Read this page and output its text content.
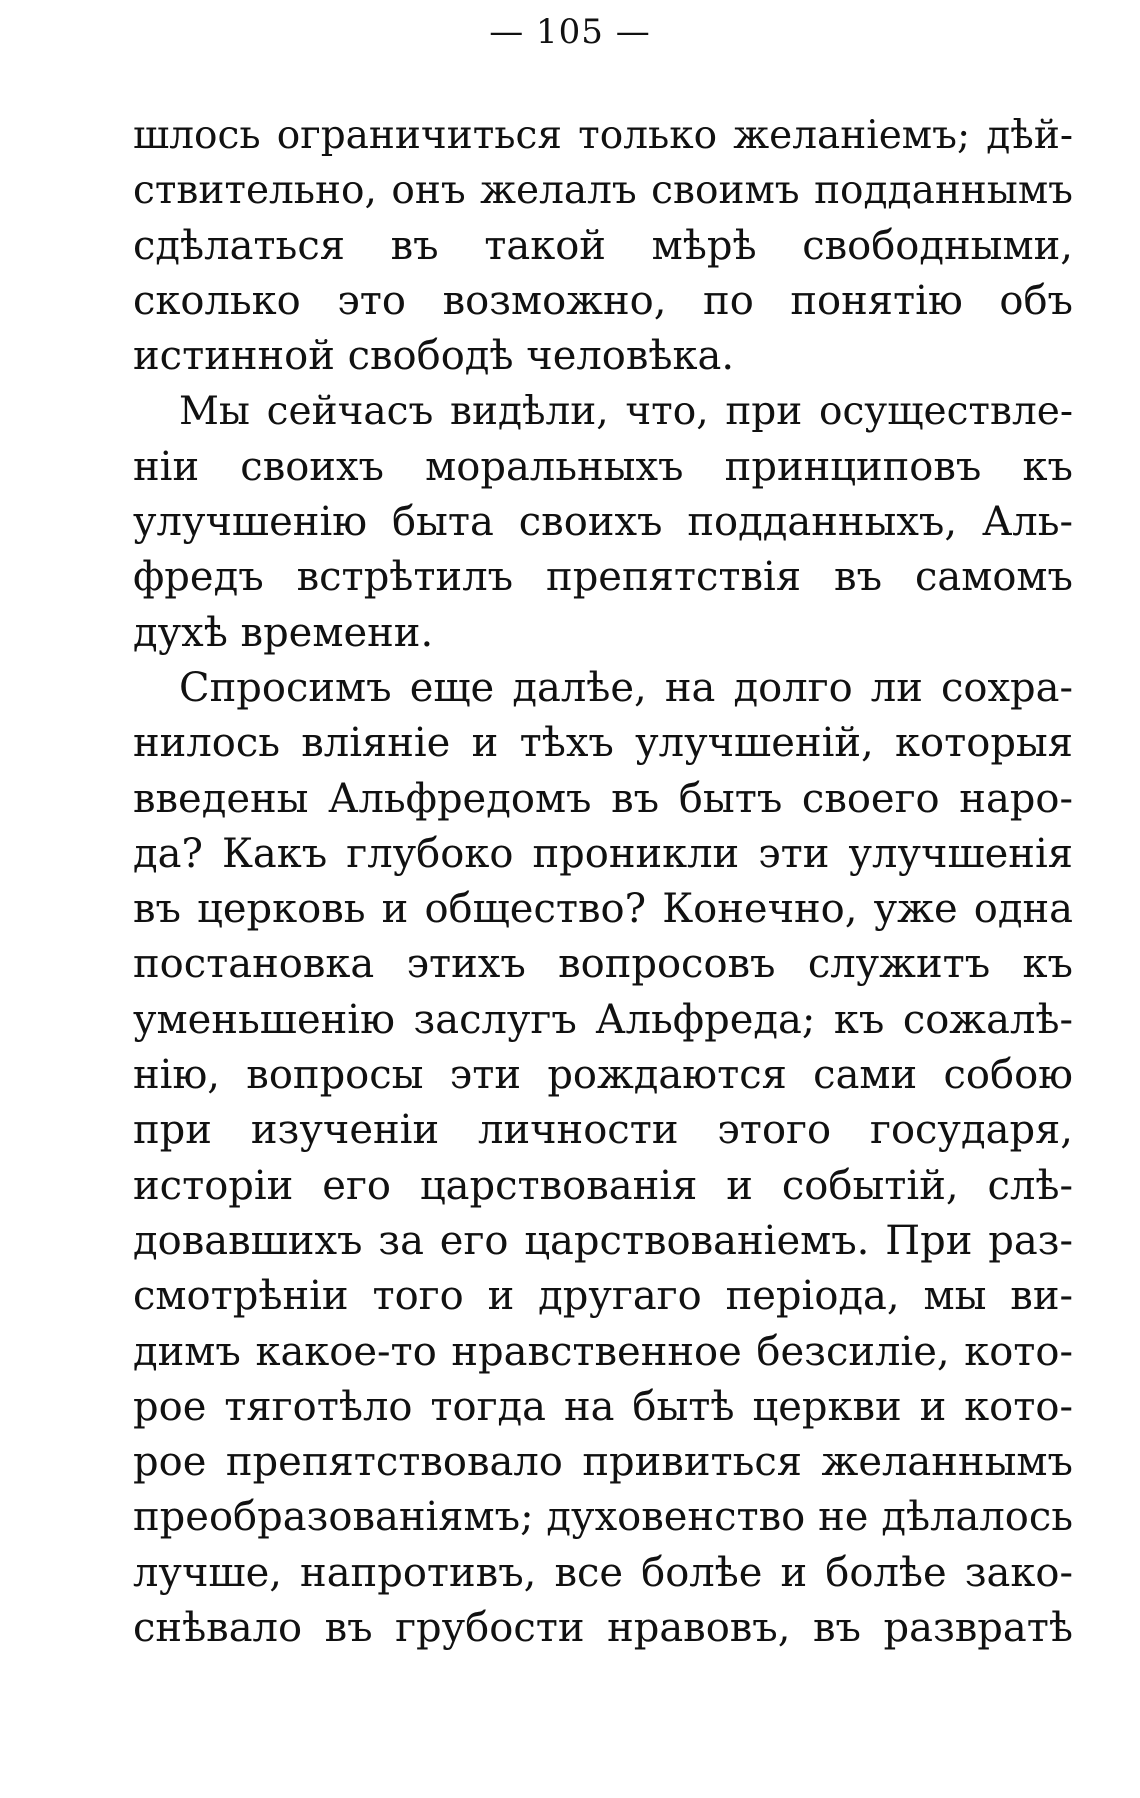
— 105 —
шлось ограничиться только желаніемъ; дѣй-
ствительно, онъ желалъ своимъ подданнымъ
сдѣлаться въ такой мѣрѣ свободными,
сколько это возможно, по понятію объ
истинной свободѣ человѣка.
Мы сейчасъ видѣли, что, при осуществле-
ніи своихъ моральныхъ принциповъ къ
улучшенію быта своихъ подданныхъ, Аль-
фредъ встрѣтилъ препятствія въ самомъ
духѣ времени.
Спросимъ еще далѣе, на долго ли сохра-
нилось вліяніе и тѣхъ улучшеній, которыя
введены Альфредомъ въ бытъ своего наро-
да? Какъ глубоко проникли эти улучшенія
въ церковь и общество? Конечно, уже одна
постановка этихъ вопросовъ служитъ къ
уменьшенію заслугъ Альфреда; къ сожалѣ-
нію, вопросы эти рождаются сами собою
при изученіи личности этого государя,
исторіи его царствованія и событій, слѣ-
довавшихъ за его царствованіемъ. При раз-
смотрѣніи того и другаго періода, мы ви-
димъ какое-то нравственное безсиліе, кото-
рое тяготѣло тогда на бытѣ церкви и кото-
рое препятствовало привиться желаннымъ
преобразованіямъ; духовенство не дѣлалось
лучше, напротивъ, все болѣе и болѣе зако-
снѣвало въ грубости нравовъ, въ развратѣ
